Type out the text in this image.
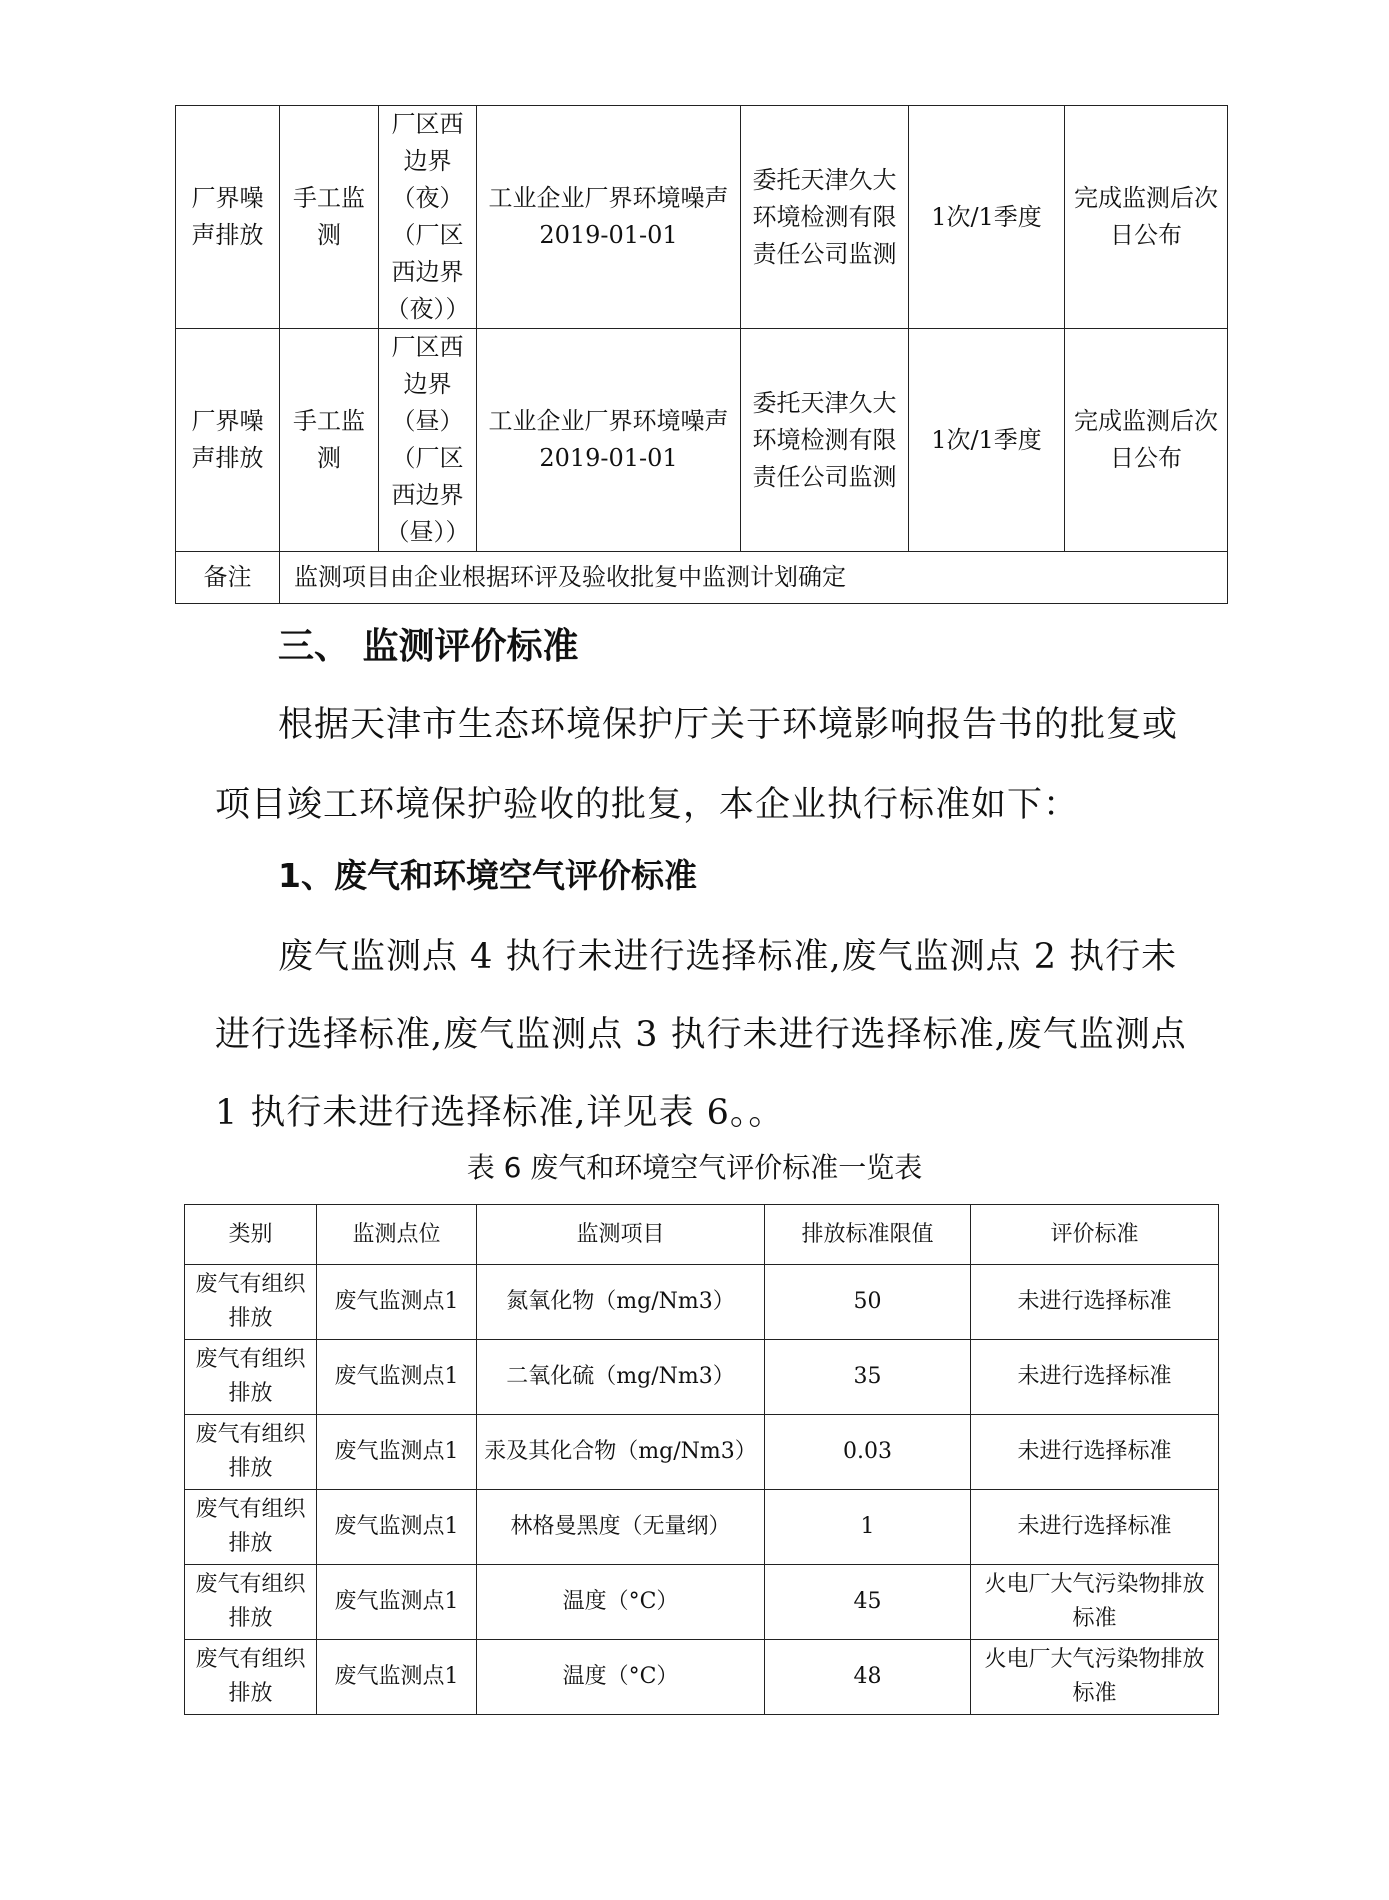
厂界噪声排放	手工监测	厂区西边界（夜）（厂区西边界（夜））	工业企业厂界环境噪声 2019-01-01	委托天津久大环境检测有限责任公司监测	1次/1季度	完成监测后次日公布
厂界噪声排放	手工监测	厂区西边界（昼）（厂区西边界（昼））	工业企业厂界环境噪声 2019-01-01	委托天津久大环境检测有限责任公司监测	1次/1季度	完成监测后次日公布
备注	监测项目由企业根据环评及验收批复中监测计划确定					
三、 监测评价标准
根据天津市生态环境保护厅关于环境影响报告书的批复或项目竣工环境保护验收的批复，本企业执行标准如下：
1、废气和环境空气评价标准
废气监测点 4 执行未进行选择标准,废气监测点 2 执行未进行选择标准,废气监测点 3 执行未进行选择标准,废气监测点 1 执行未进行选择标准,详见表 6。。
表 6 废气和环境空气评价标准一览表
类别	监测点位	监测项目	排放标准限值	评价标准
废气有组织排放	废气监测点1	氮氧化物（mg/Nm3）	50	未进行选择标准
废气有组织排放	废气监测点1	二氧化硫（mg/Nm3）	35	未进行选择标准
废气有组织排放	废气监测点1	汞及其化合物（mg/Nm3）	0.03	未进行选择标准
废气有组织排放	废气监测点1	林格曼黑度（无量纲）	1	未进行选择标准
废气有组织排放	废气监测点1	温度（°C）	45	火电厂大气污染物排放标准
废气有组织排放	废气监测点1	温度（°C）	48	火电厂大气污染物排放标准
